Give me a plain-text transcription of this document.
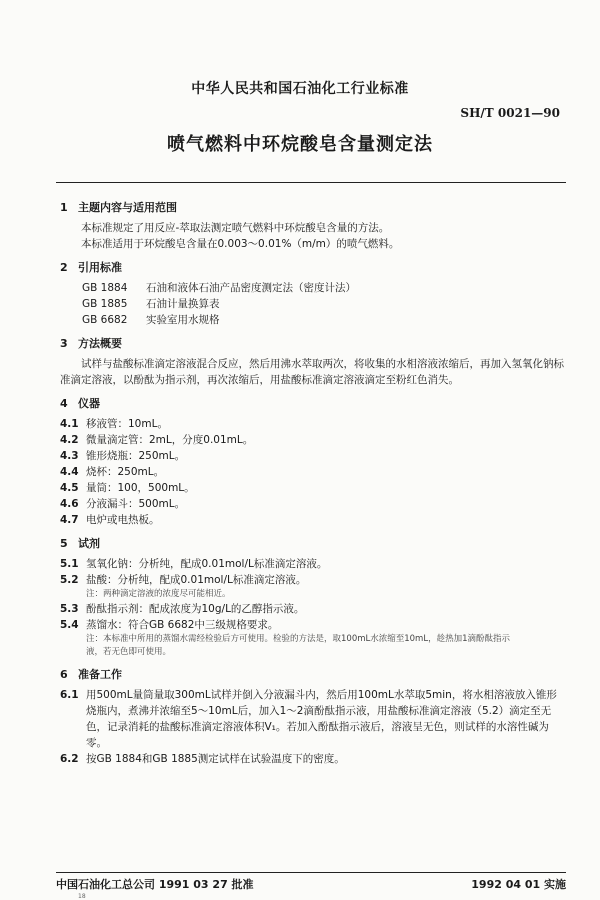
中华人民共和国石油化工行业标准
SH/T 0021—90
喷气燃料中环烷酸皂含量测定法
1 主题内容与适用范围
本标准规定了用反应-萃取法测定喷气燃料中环烷酸皂含量的方法。
本标准适用于环烷酸皂含量在0.003～0.01%（m/m）的喷气燃料。
2 引用标准
GB 1884 石油和液体石油产品密度测定法（密度计法）
GB 1885 石油计量换算表
GB 6682 实验室用水规格
3 方法概要
试样与盐酸标准滴定溶液混合反应，然后用沸水萃取两次，将收集的水相溶液浓缩后，再加入氢氧化钠标准滴定溶液，以酚酞为指示剂，再次浓缩后，用盐酸标准滴定溶液滴定至粉红色消失。
4 仪器
4.1 移液管：10mL。
4.2 微量滴定管：2mL，分度0.01mL。
4.3 锥形烧瓶：250mL。
4.4 烧杯：250mL。
4.5 量筒：100，500mL。
4.6 分液漏斗：500mL。
4.7 电炉或电热板。
5 试剂
5.1 氢氧化钠：分析纯，配成0.01mol/L标准滴定溶液。
5.2 盐酸：分析纯，配成0.01mol/L标准滴定溶液。
注：两种滴定溶液的浓度尽可能相近。
5.3 酚酞指示剂：配成浓度为10g/L的乙醇指示液。
5.4 蒸馏水：符合GB 6682中三级规格要求。
注：本标准中所用的蒸馏水需经检验后方可使用。检验的方法是，取100mL水浓缩至10mL，趁热加1滴酚酞指示
液，若无色即可使用。
6 准备工作
6.1 用500mL量筒量取300mL试样并倒入分液漏斗内，然后用100mL水萃取5min，将水相溶液放入锥形烧瓶内，煮沸并浓缩至5～10mL后，加入1～2滴酚酞指示液，用盐酸标准滴定溶液（5.2）滴定至无色，记录消耗的盐酸标准滴定溶液体积V₁。若加入酚酞指示液后，溶液呈无色，则试样的水溶性碱为零。
6.2 按GB 1884和GB 1885测定试样在试验温度下的密度。
中国石油化工总公司 1991 03 27 批准	1992 04 01 实施
18
